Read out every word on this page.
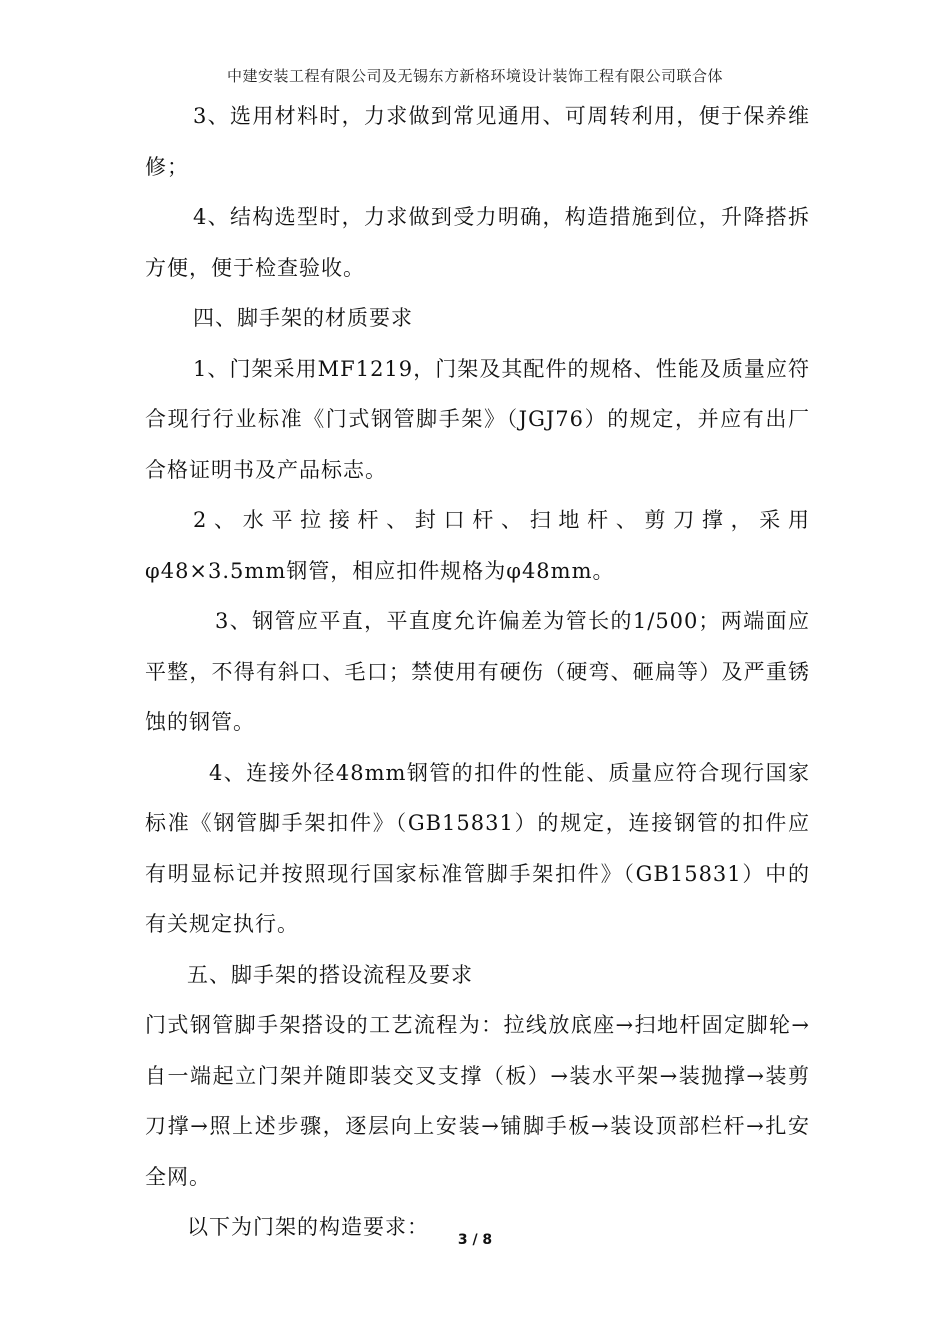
中建安装工程有限公司及无锡东方新格环境设计装饰工程有限公司联合体

3、选用材料时，力求做到常见通用、可周转利用，便于保养维修；

4、结构选型时，力求做到受力明确，构造措施到位，升降搭拆方便，便于检查验收。

四、脚手架的材质要求

1、门架采用MF1219，门架及其配件的规格、性能及质量应符合现行行业标准《门式钢管脚手架》（JGJ76）的规定，并应有出厂合格证明书及产品标志。

2、水平拉接杆、封口杆、扫地杆、剪刀撑，采用φ48×3.5mm钢管，相应扣件规格为φ48mm。

3、钢管应平直，平直度允许偏差为管长的1/500；两端面应平整，不得有斜口、毛口；禁使用有硬伤（硬弯、砸扁等）及严重锈蚀的钢管。

4、连接外径48mm钢管的扣件的性能、质量应符合现行国家标准《钢管脚手架扣件》（GB15831）的规定，连接钢管的扣件应有明显标记并按照现行国家标准管脚手架扣件》（GB15831）中的有关规定执行。

五、脚手架的搭设流程及要求

门式钢管脚手架搭设的工艺流程为：拉线放底座→扫地杆固定脚轮→自一端起立门架并随即装交叉支撑（板）→装水平架→装抛撑→装剪刀撑→照上述步骤，逐层向上安装→铺脚手板→装设顶部栏杆→扎安全网。

以下为门架的构造要求：

3 / 8
